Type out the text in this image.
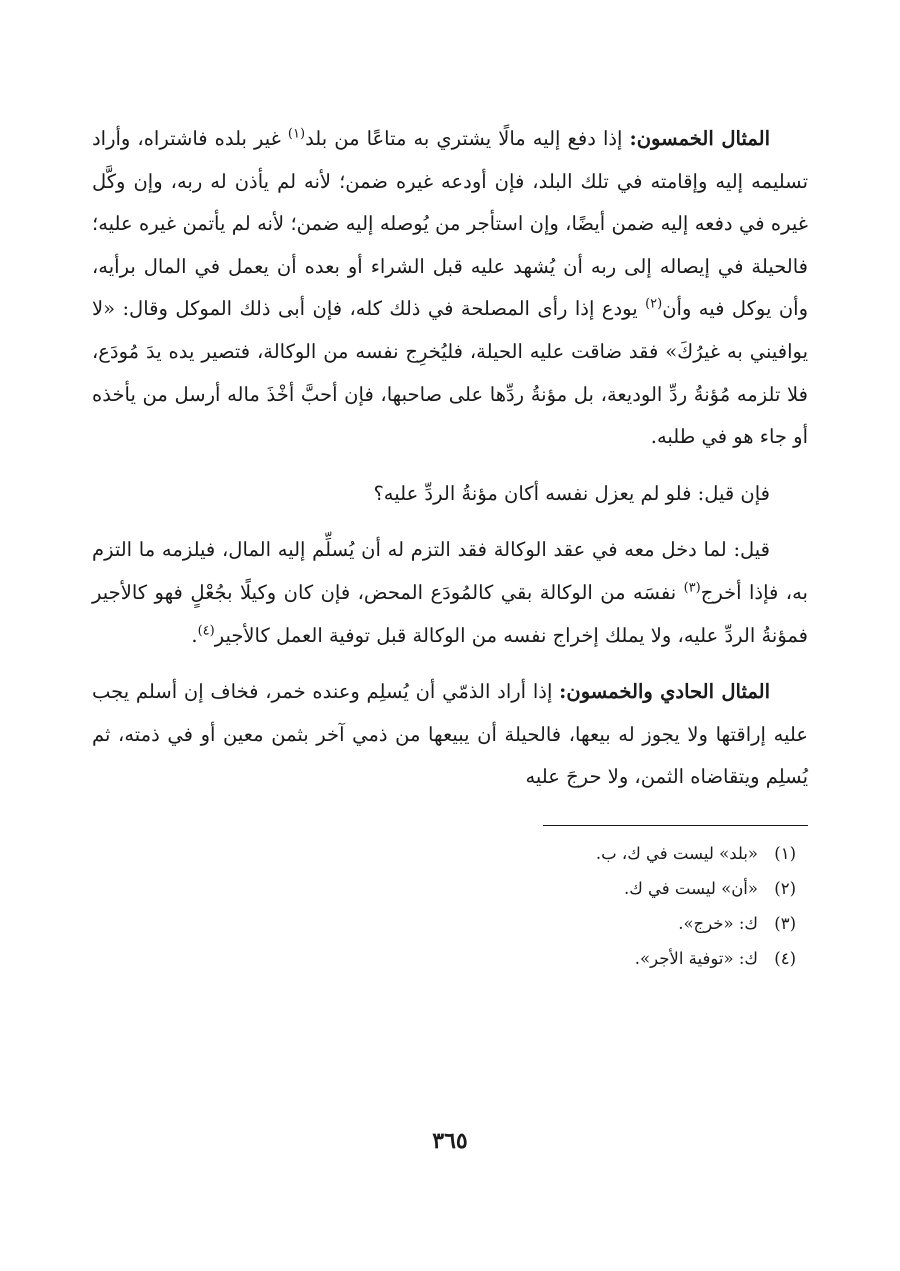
المثال الخمسون: إذا دفع إليه مالًا يشتري به متاعًا من بلد$^{(١)}$ غير بلده فاشتراه، وأراد تسليمه إليه وإقامته في تلك البلد، فإن أودعه غيره ضمن؛ لأنه لم يأذن له ربه، وإن وكَّل غيره في دفعه إليه ضمن أيضًا، وإن استأجر من يُوصله إليه ضمن؛ لأنه لم يأتمن غيره عليه؛ فالحيلة في إيصاله إلى ربه أن يُشهد عليه قبل الشراء أو بعده أن يعمل في المال برأيه، وأن يوكل فيه وأن$^{(٢)}$ يودع إذا رأى المصلحة في ذلك كله، فإن أبى ذلك الموكل وقال: «لا يوافيني به غيرُكَ» فقد ضاقت عليه الحيلة، فليُخرِج نفسه من الوكالة، فتصير يده يدَ مُودَع، فلا تلزمه مُؤنةُ ردِّ الوديعة، بل مؤنةُ ردِّها على صاحبها، فإن أحبَّ أخْذَ ماله أرسل من يأخذه أو جاء هو في طلبه.

فإن قيل: فلو لم يعزل نفسه أكان مؤنةُ الردِّ عليه؟

قيل: لما دخل معه في عقد الوكالة فقد التزم له أن يُسلِّم إليه المال، فيلزمه ما التزم به، فإذا أخرج$^{(٣)}$ نفسَه من الوكالة بقي كالمُودَع المحض، فإن كان وكيلًا بجُعْلٍ فهو كالأجير فمؤنةُ الردِّ عليه، ولا يملك إخراج نفسه من الوكالة قبل توفية العمل كالأجير$^{(٤)}$.

المثال الحادي والخمسون: إذا أراد الذمّي أن يُسلِم وعنده خمر، فخاف إن أسلم يجب عليه إراقتها ولا يجوز له بيعها، فالحيلة أن يبيعها من ذمي آخر بثمن معين أو في ذمته، ثم يُسلِم ويتقاضاه الثمن، ولا حرجَ عليه

(١)«بلد» ليست في ك، ب.

(٢)«أن» ليست في ك.

(٣)ك: «خرج».

(٤)ك: «توفية الأجر».

٣٦٥
